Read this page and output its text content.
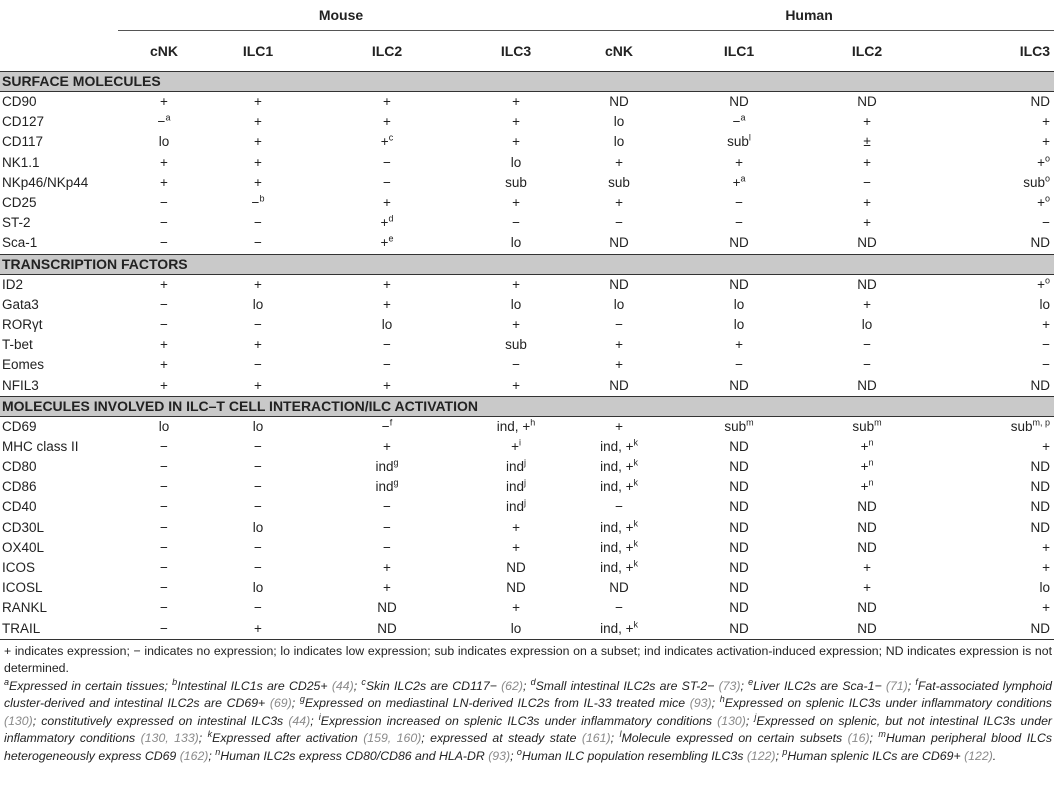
	Mouse				Human			
	cNK	ILC1	ILC2	ILC3	cNK	ILC1	ILC2	ILC3
SURFACE MOLECULES								
CD90	+	+	+	+	ND	ND	ND	ND
CD127	−$^a$	+	+	+	lo	−$^a$	+	+
CD117	lo	+	+$^c$	+	lo	sub$^l$	±	+
NK1.1	+	+	−	lo	+	+	+	+$^o$
NKp46/NKp44	+	+	−	sub	sub	+$^a$	−	sub$^o$
CD25	−	−$^b$	+	+	+	−	+	+$^o$
ST-2	−	−	+$^d$	−	−	−	+	−
Sca-1	−	−	+$^e$	lo	ND	ND	ND	ND
TRANSCRIPTION FACTORS								
ID2	+	+	+	+	ND	ND	ND	+$^o$
Gata3	−	lo	+	lo	lo	lo	+	lo
RORγt	−	−	lo	+	−	lo	lo	+
T-bet	+	+	−	sub	+	+	−	−
Eomes	+	−	−	−	+	−	−	−
NFIL3	+	+	+	+	ND	ND	ND	ND
MOLECULES INVOLVED IN ILC–T CELL INTERACTION/ILC ACTIVATION								
CD69	lo	lo	−$^f$	ind, +$^h$	+	sub$^m$	sub$^m$	sub$^{m, p}$
MHC class II	−	−	+	+$^i$	ind, +$^k$	ND	+$^n$	+
CD80	−	−	ind$^g$	ind$^j$	ind, +$^k$	ND	+$^n$	ND
CD86	−	−	ind$^g$	ind$^j$	ind, +$^k$	ND	+$^n$	ND
CD40	−	−	−	ind$^j$	−	ND	ND	ND
CD30L	−	lo	−	+	ind, +$^k$	ND	ND	ND
OX40L	−	−	−	+	ind, +$^k$	ND	ND	+
ICOS	−	−	+	ND	ind, +$^k$	ND	+	+
ICOSL	−	lo	+	ND	ND	ND	+	lo
RANKL	−	−	ND	+	−	ND	ND	+
TRAIL	−	+	ND	lo	ind, +$^k$	ND	ND	ND

+ indicates expression; − indicates no expression; lo indicates low expression; sub indicates expression on a subset; ind indicates activation-induced expression; ND indicates expression is not determined.

$^a$Expressed in certain tissues; $^b$Intestinal ILC1s are CD25+ (44); $^c$Skin ILC2s are CD117− (62); $^d$Small intestinal ILC2s are ST-2− (73); $^e$Liver ILC2s are Sca-1− (71); $^f$Fat-associated lymphoid cluster-derived and intestinal ILC2s are CD69+ (69); $^g$Expressed on mediastinal LN-derived ILC2s from IL-33 treated mice (93); $^h$Expressed on splenic ILC3s under inflammatory conditions (130); constitutively expressed on intestinal ILC3s (44); $^i$Expression increased on splenic ILC3s under inflammatory conditions (130); $^j$Expressed on splenic, but not intestinal ILC3s under inflammatory conditions (130, 133); $^k$Expressed after activation (159, 160); expressed at steady state (161); $^l$Molecule expressed on certain subsets (16); $^m$Human peripheral blood ILCs heterogeneously express CD69 (162); $^n$Human ILC2s express CD80/CD86 and HLA-DR (93); $^o$Human ILC population resembling ILC3s (122); $^p$Human splenic ILCs are CD69+ (122).
